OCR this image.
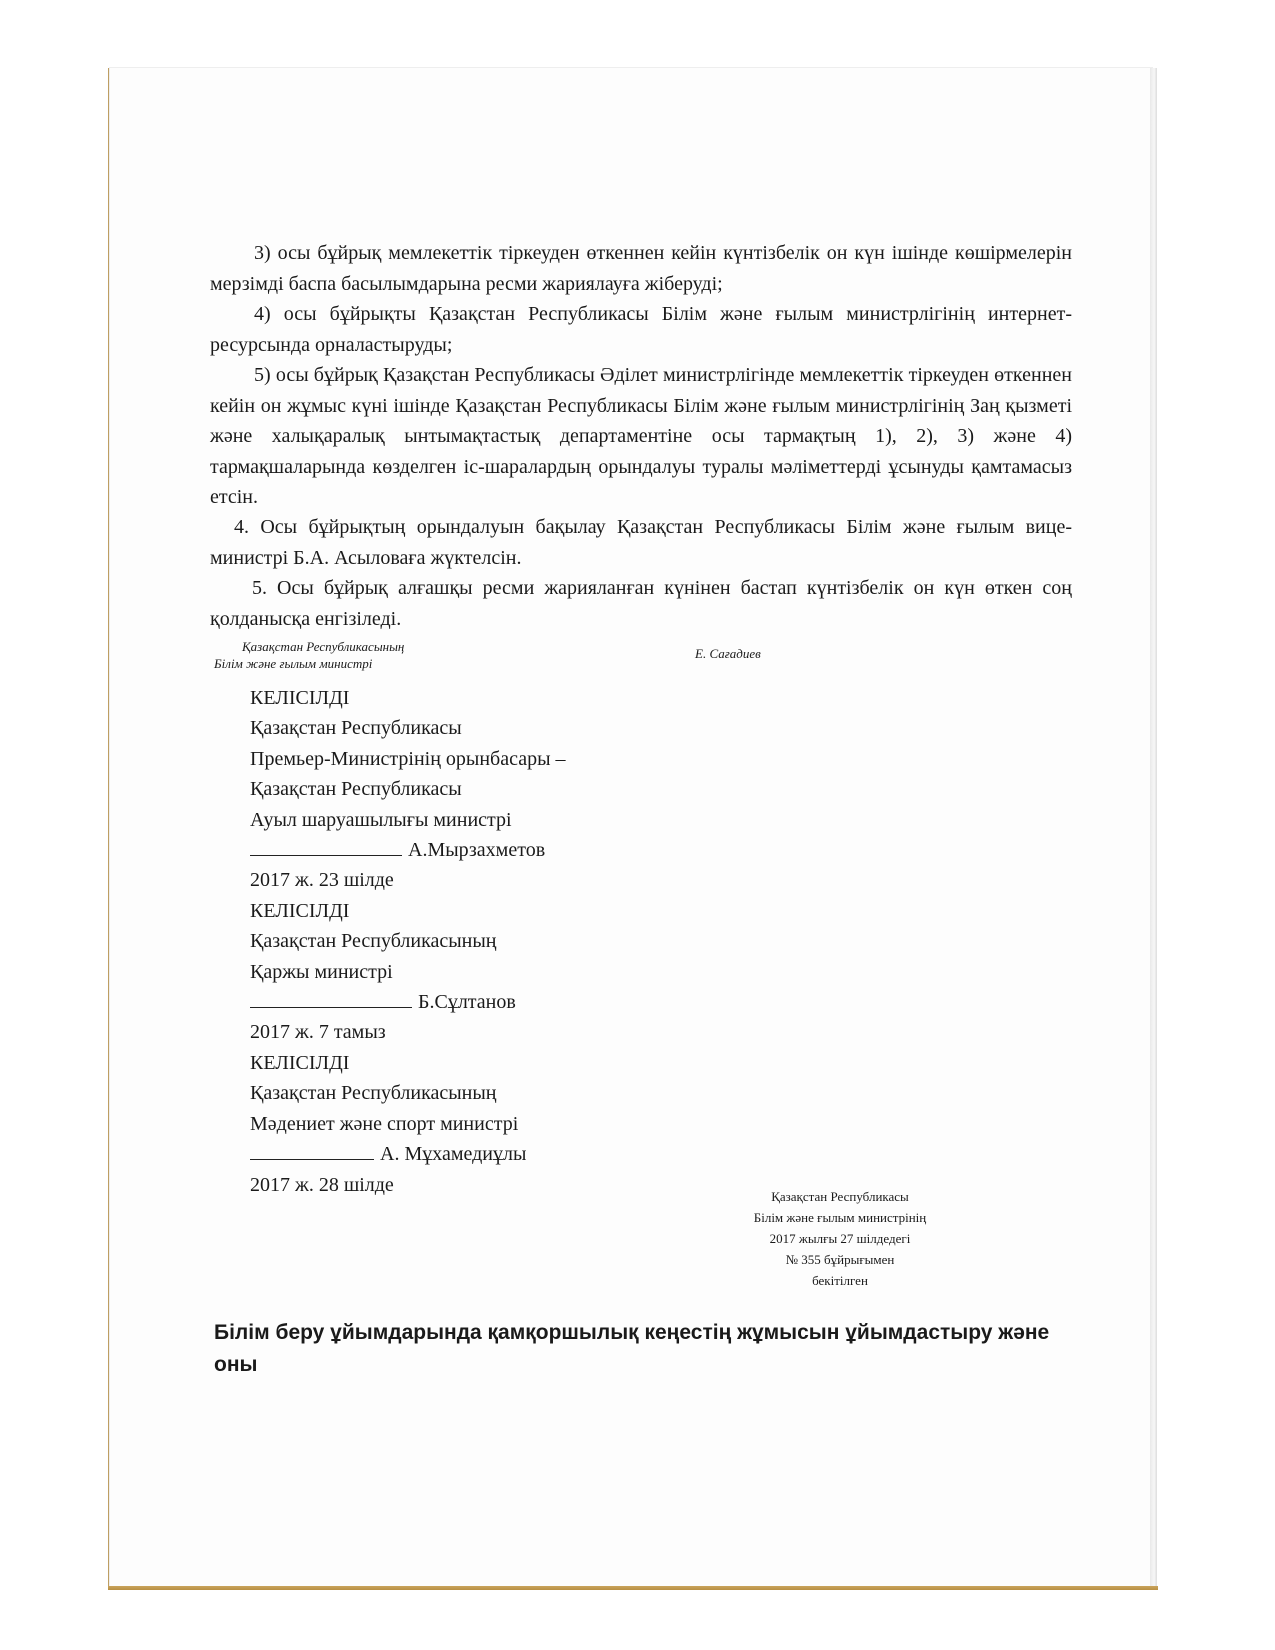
3) осы бұйрық мемлекеттік тіркеуден өткеннен кейін күнтізбелік он күн ішінде көшірмелерін мерзімді баспа басылымдарына ресми жариялауға жіберуді;

4) осы бұйрықты Қазақстан Республикасы Білім және ғылым министрлігінің интернет-ресурсында орналастыруды;

5) осы бұйрық Қазақстан Республикасы Әділет министрлігінде мемлекеттік тіркеуден өткеннен кейін он жұмыс күні ішінде Қазақстан Республикасы Білім және ғылым министрлігінің Заң қызметі және халықаралық ынтымақтастық департаментіне осы тармақтың 1), 2), 3) және 4) тармақшаларында көзделген іс-шаралардың орындалуы туралы мәліметтерді ұсынуды қамтамасыз етсін.

4. Осы бұйрықтың орындалуын бақылау Қазақстан Республикасы Білім және ғылым вице-министрі Б.А. Асыловаға жүктелсін.

5. Осы бұйрық алғашқы ресми жарияланған күнінен бастап күнтізбелік он күн өткен соң қолданысқа енгізіледі.

Қазақстан Республикасының
Білім және ғылым министрі
Е. Сағадиев
КЕЛІСІЛДІ
Қазақстан Республикасы
Премьер-Министрінің орынбасары –
Қазақстан Республикасы
Ауыл шаруашылығы министрі
А.Мырзахметов
2017 ж. 23 шілде
КЕЛІСІЛДІ
Қазақстан Республикасының
Қаржы министрі
Б.Сұлтанов
2017 ж. 7 тамыз
КЕЛІСІЛДІ
Қазақстан Республикасының
Мәдениет және спорт министрі
А. Мұхамедиұлы
2017 ж. 28 шілде
Қазақстан Республикасы
Білім және ғылым министрінің
2017 жылғы 27 шілдедегі
№ 355 бұйрығымен
бекітілген

Білім беру ұйымдарында қамқоршылық кеңестің жұмысын ұйымдастыру және оны
